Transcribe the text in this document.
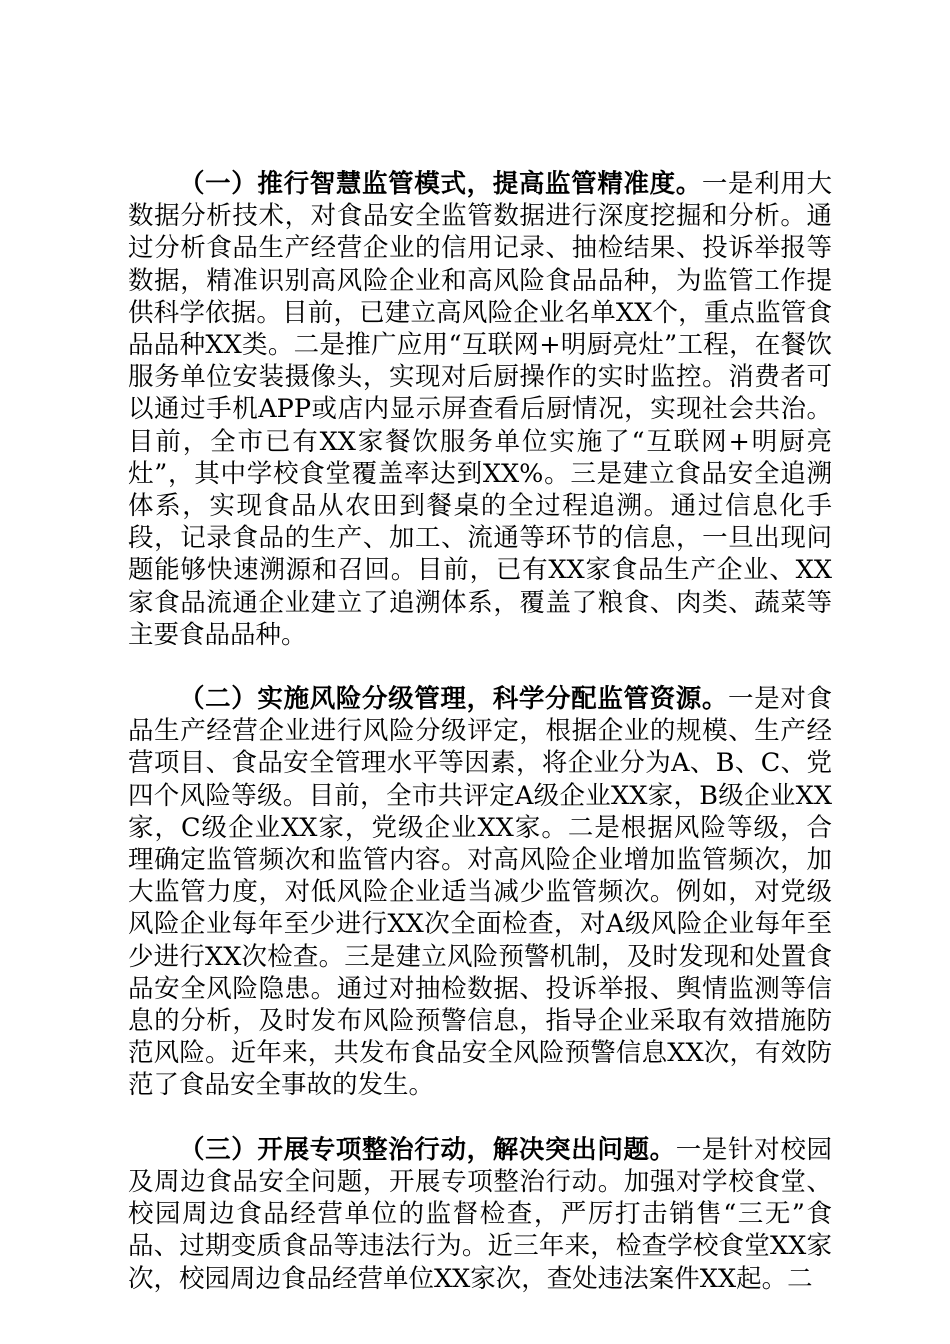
（一）推行智慧监管模式，提高监管精准度。一是利用大数据分析技术，对食品安全监管数据进行深度挖掘和分析。通过分析食品生产经营企业的信用记录、抽检结果、投诉举报等数据，精准识别高风险企业和高风险食品品种，为监管工作提供科学依据。目前，已建立高风险企业名单XX个，重点监管食品品种XX类。二是推广应用“互联网+明厨亮灶”工程，在餐饮服务单位安装摄像头，实现对后厨操作的实时监控。消费者可以通过手机APP或店内显示屏查看后厨情况，实现社会共治。目前，全市已有XX家餐饮服务单位实施了“互联网+明厨亮灶”，其中学校食堂覆盖率达到XX%。三是建立食品安全追溯体系，实现食品从农田到餐桌的全过程追溯。通过信息化手段，记录食品的生产、加工、流通等环节的信息，一旦出现问题能够快速溯源和召回。目前，已有XX家食品生产企业、XX家食品流通企业建立了追溯体系，覆盖了粮食、肉类、蔬菜等主要食品品种。

（二）实施风险分级管理，科学分配监管资源。一是对食品生产经营企业进行风险分级评定，根据企业的规模、生产经营项目、食品安全管理水平等因素，将企业分为A、B、C、党四个风险等级。目前，全市共评定A级企业XX家，B级企业XX家，C级企业XX家，党级企业XX家。二是根据风险等级，合理确定监管频次和监管内容。对高风险企业增加监管频次，加大监管力度，对低风险企业适当减少监管频次。例如，对党级风险企业每年至少进行XX次全面检查，对A级风险企业每年至少进行XX次检查。三是建立风险预警机制，及时发现和处置食品安全风险隐患。通过对抽检数据、投诉举报、舆情监测等信息的分析，及时发布风险预警信息，指导企业采取有效措施防范风险。近年来，共发布食品安全风险预警信息XX次，有效防范了食品安全事故的发生。

（三）开展专项整治行动，解决突出问题。一是针对校园及周边食品安全问题，开展专项整治行动。加强对学校食堂、校园周边食品经营单位的监督检查，严厉打击销售“三无”食品、过期变质食品等违法行为。近三年来，检查学校食堂XX家次，校园周边食品经营单位XX家次，查处违法案件XX起。二
